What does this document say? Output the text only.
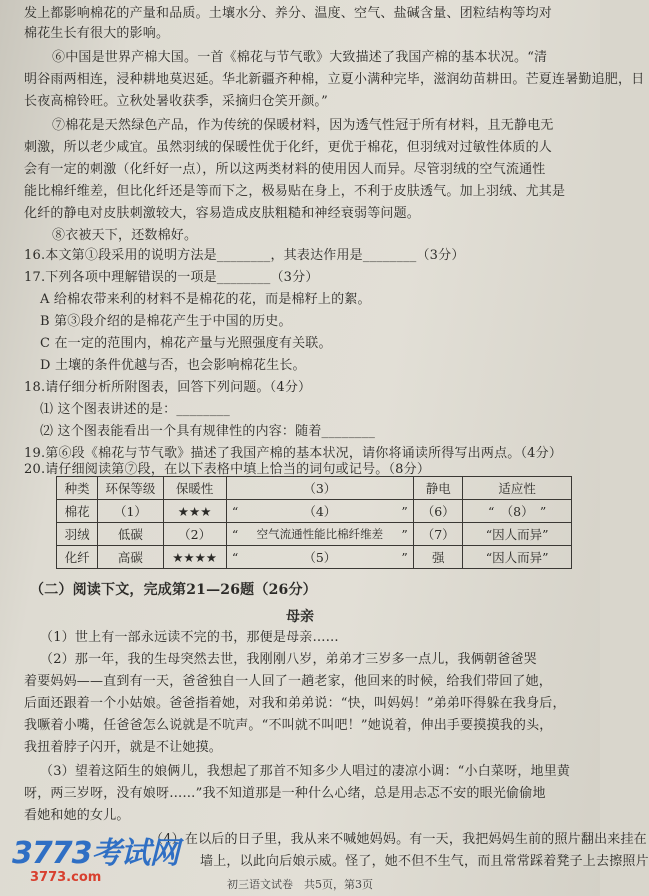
发上都影响棉花的产量和品质。土壤水分、养分、温度、空气、盐碱含量、团粒结构等均对
棉花生长有很大的影响。
⑥中国是世界产棉大国。一首《棉花与节气歌》大致描述了我国产棉的基本状况。“清
明谷雨两相连，浸种耕地莫迟延。华北新疆齐种棉，立夏小满种完毕，滋润幼苗耕田。芒夏连暑勤追肥，日
长夜高棉铃旺。立秋处暑收获季，采摘归仓笑开颜。”
⑦棉花是天然绿色产品，作为传统的保暖材料，因为透气性冠于所有材料，且无静电无
刺激，所以老少咸宜。虽然羽绒的保暖性优于化纤，更优于棉花，但羽绒对过敏性体质的人
会有一定的刺激（化纤好一点），所以这两类材料的使用因人而异。尽管羽绒的空气流通性
能比棉纤维差，但比化纤还是等而下之，极易贴在身上，不利于皮肤透气。加上羽绒、尤其是
化纤的静电对皮肤刺激较大，容易造成皮肤粗糙和神经衰弱等问题。
⑧衣被天下，还数棉好。
16.本文第①段采用的说明方法是________，其表达作用是________（3分）
17.下列各项中理解错误的一项是________（3分）
A 给棉农带来利的材料不是棉花的花，而是棉籽上的絮。
B 第③段介绍的是棉花产生于中国的历史。
C 在一定的范围内，棉花产量与光照强度有关联。
D 土壤的条件优越与否，也会影响棉花生长。
18.请仔细分析所附图表，回答下列问题。（4分）
⑴ 这个图表讲述的是：________
⑵ 这个图表能看出一个具有规律性的内容：随着________
种类	环保等级	保暖性		（3）		静电	适应性
棉花	（1）	★★★	“	（4）	”	（6）	“　（8）　”
羽绒	低碳	（2）	“	空气流通性能比棉纤维差	”	（7）	“因人而异”
化纤	高碳	★★★★	“	（5）	”	强	“因人而异”
（二）阅读下文，完成第21—26题（26分）
母亲
（1）世上有一部永远读不完的书，那便是母亲……
（2）那一年，我的生母突然去世，我刚刚八岁，弟弟才三岁多一点儿，我俩朝爸爸哭
着要妈妈——直到有一天，爸爸独自一人回了一趟老家，他回来的时候，给我们带回了她，
后面还跟着一个小姑娘。爸爸指着她，对我和弟弟说：“快，叫妈妈！”弟弟吓得躲在我身后，
我噘着小嘴，任爸爸怎么说就是不吭声。“不叫就不叫吧！”她说着，伸出手要摸摸我的头，
我扭着脖子闪开，就是不让她摸。
（3）望着这陌生的娘俩儿，我想起了那首不知多少人唱过的凄凉小调：“小白菜呀，地里黄
呀，两三岁呀，没有娘呀……”我不知道那是一种什么心绪，总是用忐忑不安的眼光偷偷地
看她和她的女儿。
（4）在以后的日子里，我从来不喊她妈妈。有一天，我把妈妈生前的照片翻出来挂在
墙上，以此向后娘示威。怪了，她不但不生气，而且常常踩着凳子上去擦照片
3773考试网
3773.com	初三语文试卷　共5页，第3页
19.第⑥段《棉花与节气歌》描述了我国产棉的基本状况，请你将诵读所得写出两点。（4分）
20.请仔细阅读第⑦段，在以下表格中填上恰当的词句或记号。（8分）
